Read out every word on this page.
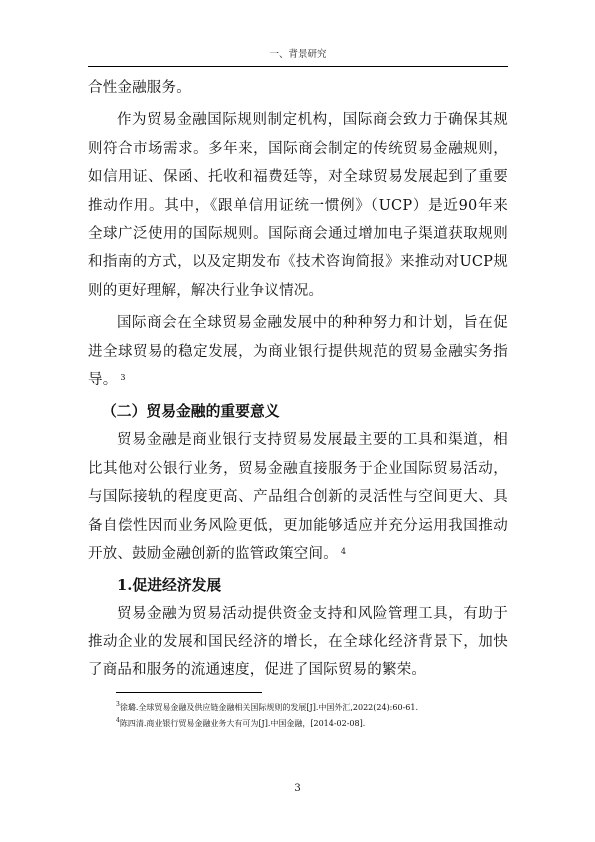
一、背景研究

合性金融服务。

作为贸易金融国际规则制定机构，国际商会致力于确保其规则符合市场需求。多年来，国际商会制定的传统贸易金融规则，如信用证、保函、托收和福费廷等，对全球贸易发展起到了重要推动作用。其中，《跟单信用证统一惯例》（UCP）是近90年来全球广泛使用的国际规则。国际商会通过增加电子渠道获取规则和指南的方式，以及定期发布《技术咨询简报》来推动对UCP规则的更好理解，解决行业争议情况。

国际商会在全球贸易金融发展中的种种努力和计划，旨在促进全球贸易的稳定发展，为商业银行提供规范的贸易金融实务指导。 $^3$

（二）贸易金融的重要意义

贸易金融是商业银行支持贸易发展最主要的工具和渠道，相比其他对公银行业务，贸易金融直接服务于企业国际贸易活动，与国际接轨的程度更高、产品组合创新的灵活性与空间更大、具备自偿性因而业务风险更低，更加能够适应并充分运用我国推动开放、鼓励金融创新的监管政策空间。 $^4$

1.促进经济发展

贸易金融为贸易活动提供资金支持和风险管理工具，有助于推动企业的发展和国民经济的增长，在全球化经济背景下，加快了商品和服务的流通速度，促进了国际贸易的繁荣。

$^3$徐璐.全球贸易金融及供应链金融相关国际规则的发展[J].中国外汇,2022(24):60-61.
$^4$陈四清.商业银行贸易金融业务大有可为[J].中国金融，[2014-02-08].
3
